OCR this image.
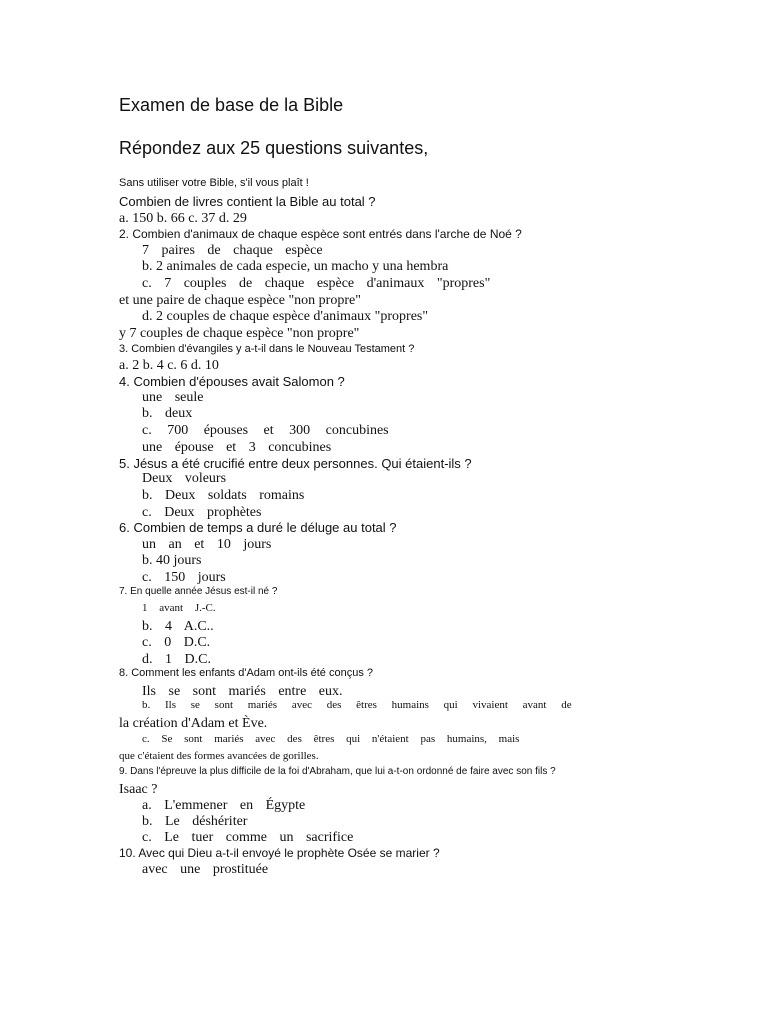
Examen de base de la Bible
Répondez aux 25 questions suivantes,
Sans utiliser votre Bible, s'il vous plaît !
Combien de livres contient la Bible au total ?
a. 150 b. 66 c. 37 d. 29
2. Combien d'animaux de chaque espèce sont entrés dans l'arche de Noé ?
7 paires de chaque espèce
b. 2 animales de cada especie, un macho y una hembra
c. 7 couples de chaque espèce d'animaux "propres"
et une paire de chaque espèce "non propre"
d. 2 couples de chaque espèce d'animaux "propres"
y 7 couples de chaque espèce "non propre"
3. Combien d'évangiles y a-t-il dans le Nouveau Testament ?
a. 2 b. 4 c. 6 d. 10
4. Combien d'épouses avait Salomon ?
une seule
b. deux
c. 700 épouses et 300 concubines
une épouse et 3 concubines
5. Jésus a été crucifié entre deux personnes. Qui étaient-ils ?
Deux voleurs
b. Deux soldats romains
c. Deux prophètes
6. Combien de temps a duré le déluge au total ?
un an et 10 jours
b. 40 jours
c. 150 jours
7. En quelle année Jésus est-il né ?
1 avant J.-C.
b. 4 A.C..
c. 0 D.C.
d. 1 D.C.
8. Comment les enfants d'Adam ont-ils été conçus ?
Ils se sont mariés entre eux.
b. Ils se sont mariés avec des êtres humains qui vivaient avant de
la création d'Adam et Ève.
c. Se sont mariés avec des êtres qui n'étaient pas humains, mais
que c'étaient des formes avancées de gorilles.
9. Dans l'épreuve la plus difficile de la foi d'Abraham, que lui a-t-on ordonné de faire avec son fils ?
Isaac ?
a. L'emmener en Égypte
b. Le déshériter
c. Le tuer comme un sacrifice
10. Avec qui Dieu a-t-il envoyé le prophète Osée se marier ?
avec une prostituée
